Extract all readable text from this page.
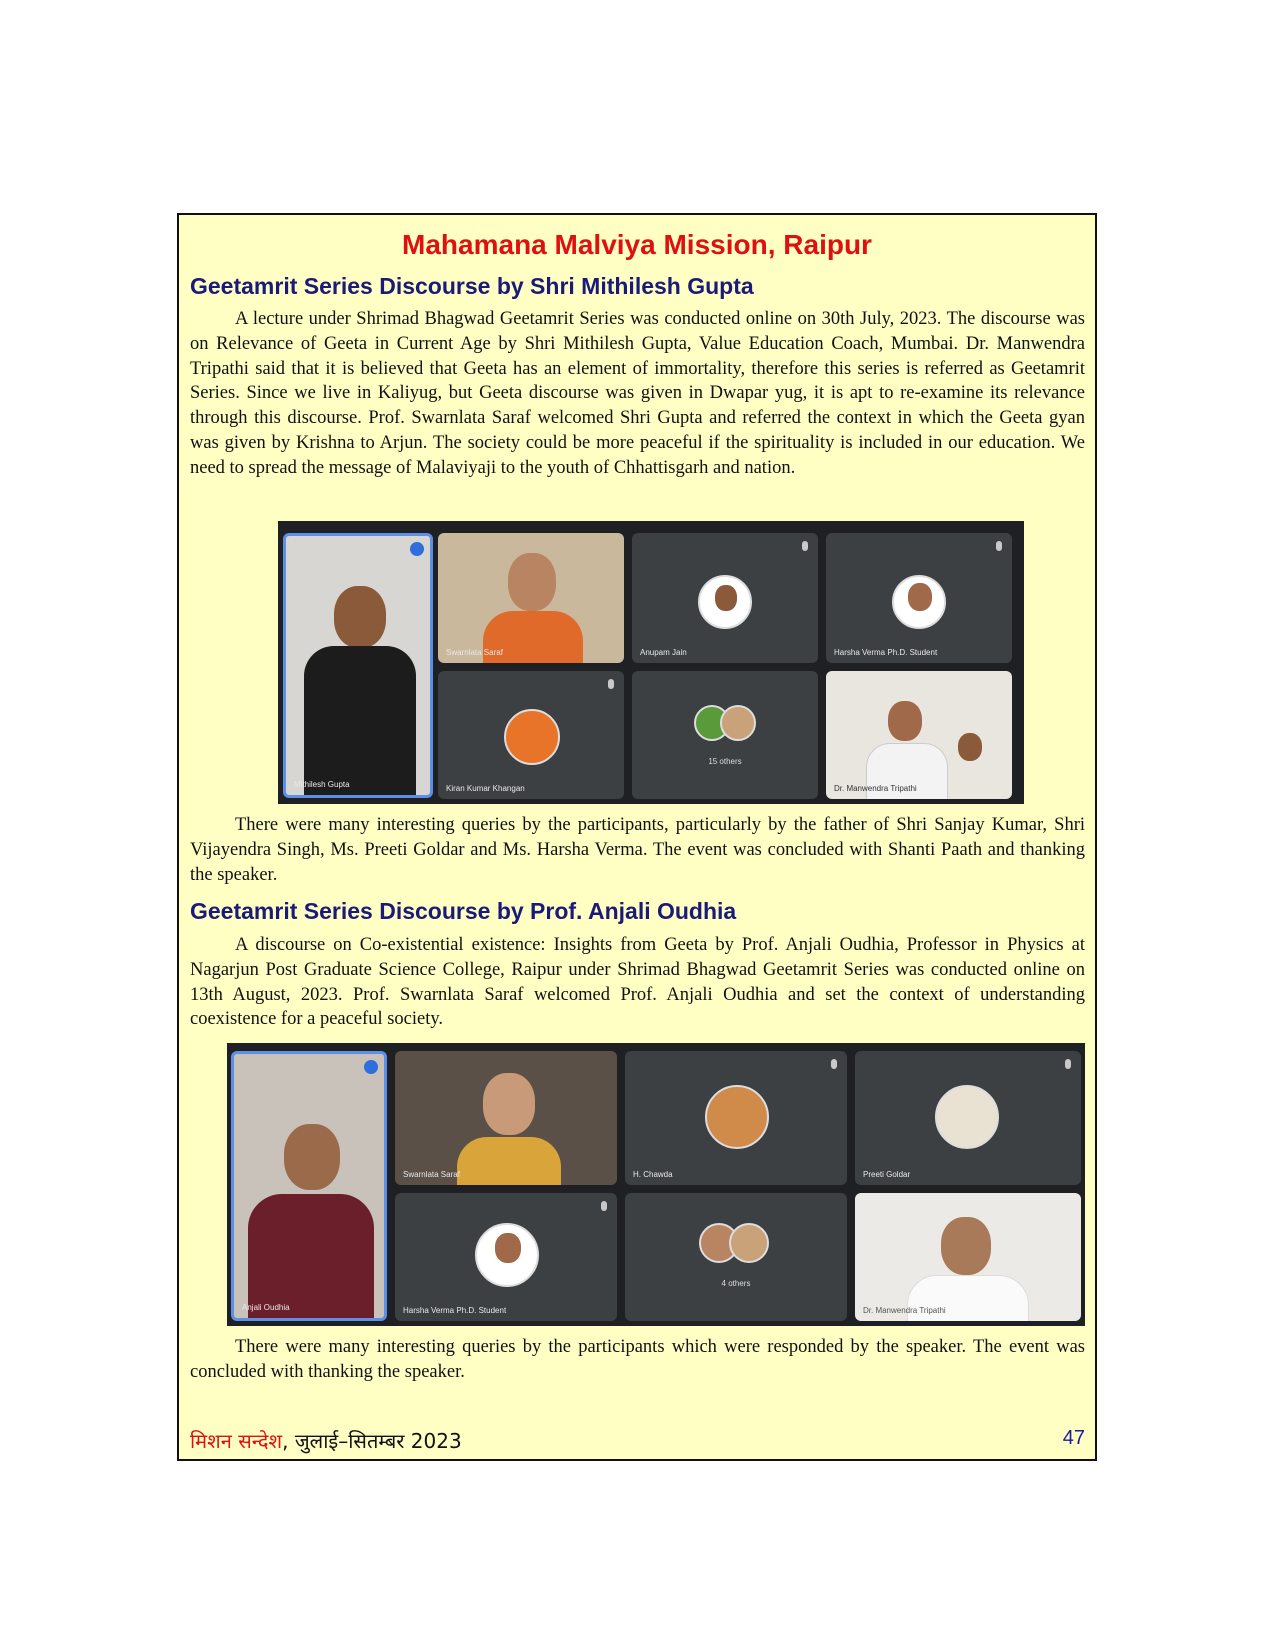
Mahamana Malviya Mission, Raipur
Geetamrit Series Discourse by Shri Mithilesh Gupta

A lecture under Shrimad Bhagwad Geetamrit Series was conducted online on 30th July, 2023. The discourse was on Relevance of Geeta in Current Age by Shri Mithilesh Gupta, Value Education Coach, Mumbai. Dr. Manwendra Tripathi said that it is believed that Geeta has an element of immortality, therefore this series is referred as Geetamrit Series. Since we live in Kaliyug, but Geeta discourse was given in Dwapar yug, it is apt to re-examine its relevance through this discourse. Prof. Swarnlata Saraf welcomed Shri Gupta and referred the context in which the Geeta gyan was given by Krishna to Arjun. The society could be more peaceful if the spirituality is included in our education. We need to spread the message of Malaviyaji to the youth of Chhattisgarh and nation.

Mithilesh Gupta
Swarnlata Saraf	Anupam Jain	Harsha Verma Ph.D. Student
Kiran Kumar Khangan
15 others
Dr. Manwendra Tripathi

There were many interesting queries by the participants, particularly by the father of Shri Sanjay Kumar, Shri Vijayendra Singh, Ms. Preeti Goldar and Ms. Harsha Verma. The event was concluded with Shanti Paath and thanking the speaker.

Geetamrit Series Discourse by Prof. Anjali Oudhia

A discourse on Co-existential existence: Insights from Geeta by Prof. Anjali Oudhia, Professor in Physics at Nagarjun Post Graduate Science College, Raipur under Shrimad Bhagwad Geetamrit Series was conducted online on 13th August, 2023. Prof. Swarnlata Saraf welcomed Prof. Anjali Oudhia and set the context of understanding coexistence for a peaceful society.

Anjali Oudhia
Swarnlata Saraf	H. Chawda	Preeti Goldar
Harsha Verma Ph.D. Student
4 others
Dr. Manwendra Tripathi

There were many interesting queries by the participants which were responded by the speaker. The event was concluded with thanking the speaker.

मिशन सन्देश, जुलाई–सितम्बर 2023	47
